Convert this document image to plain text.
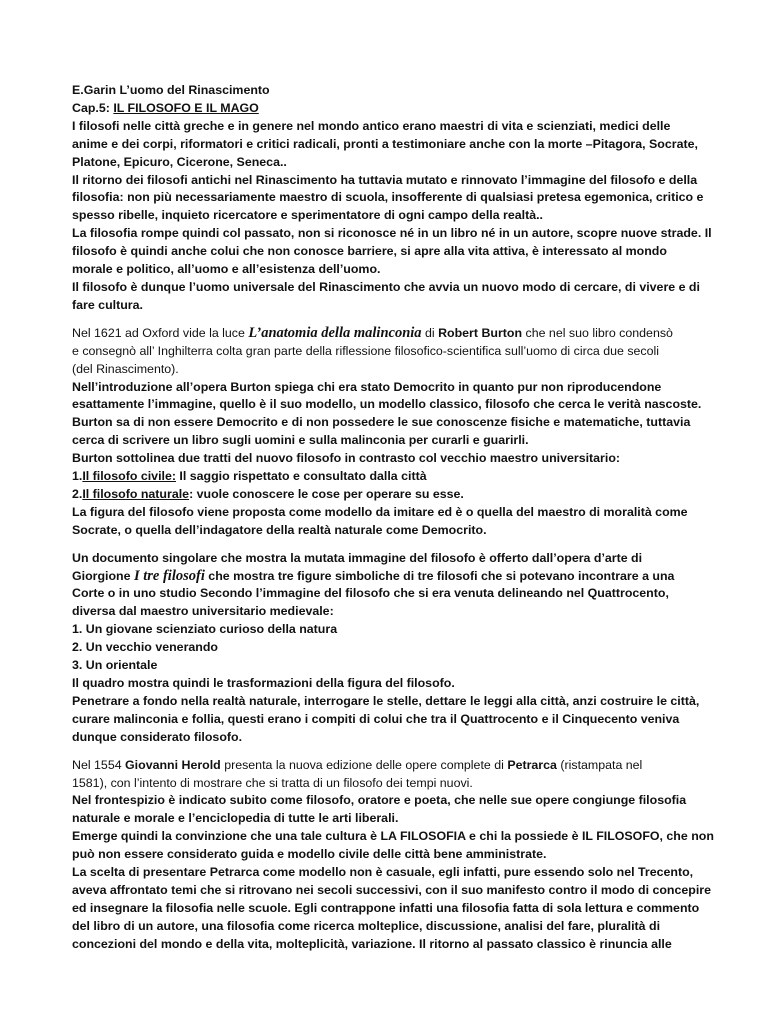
E.Garin L’uomo del Rinascimento
Cap.5: IL FILOSOFO E IL MAGO
I filosofi nelle città greche e in genere nel mondo antico erano maestri di vita e scienziati, medici delle
anime e dei corpi, riformatori e critici radicali, pronti a testimoniare anche con la morte –Pitagora, Socrate,
Platone, Epicuro, Cicerone, Seneca..
Il ritorno dei filosofi antichi nel Rinascimento ha tuttavia mutato e rinnovato l’immagine del filosofo e della
filosofia: non più necessariamente maestro di scuola, insofferente di qualsiasi pretesa egemonica, critico e
spesso ribelle, inquieto ricercatore e sperimentatore di ogni campo della realtà..
La filosofia rompe quindi col passato, non si riconosce né in un libro né in un autore, scopre nuove strade. Il
filosofo è quindi anche colui che non conosce barriere, si apre alla vita attiva, è interessato al mondo
morale e politico, all’uomo e all’esistenza dell’uomo.
Il filosofo è dunque l’uomo universale del Rinascimento che avvia un nuovo modo di cercare, di vivere e di
fare cultura.
Nel 1621 ad Oxford vide la luce L’anatomia della malinconia di Robert Burton che nel suo libro condensò
e consegnò all’ Inghilterra colta gran parte della riflessione filosofico-scientifica sull’uomo di circa due secoli
(del Rinascimento).
Nell’introduzione all’opera Burton spiega chi era stato Democrito in quanto pur non riproducendone
esattamente l’immagine, quello è il suo modello, un modello classico, filosofo che cerca le verità nascoste.
Burton sa di non essere Democrito e di non possedere le sue conoscenze fisiche e matematiche, tuttavia
cerca di scrivere un libro sugli uomini e sulla malinconia per curarli e guarirli.
Burton sottolinea due tratti del nuovo filosofo in contrasto col vecchio maestro universitario:
1.Il filosofo civile: Il saggio rispettato e consultato dalla città
2.Il filosofo naturale: vuole conoscere le cose per operare su esse.
La figura del filosofo viene proposta come modello da imitare ed è o quella del maestro di moralità come
Socrate, o quella dell’indagatore della realtà naturale come Democrito.
Un documento singolare che mostra la mutata immagine del filosofo è offerto dall’opera d’arte di
Giorgione I tre filosofi che mostra tre figure simboliche di tre filosofi che si potevano incontrare a una
Corte o in uno studio Secondo l’immagine del filosofo che si era venuta delineando nel Quattrocento,
diversa dal maestro universitario medievale:
1. Un giovane scienziato curioso della natura
2. Un vecchio venerando
3. Un orientale
Il quadro mostra quindi le trasformazioni della figura del filosofo.
Penetrare a fondo nella realtà naturale, interrogare le stelle, dettare le leggi alla città, anzi costruire le città,
curare malinconia e follia, questi erano i compiti di colui che tra il Quattrocento e il Cinquecento veniva
dunque considerato filosofo.
Nel 1554 Giovanni Herold presenta la nuova edizione delle opere complete di Petrarca (ristampata nel
1581), con l’intento di mostrare che si tratta di un filosofo dei tempi nuovi.
Nel frontespizio è indicato subito come filosofo, oratore e poeta, che nelle sue opere congiunge filosofia
naturale e morale e l’enciclopedia di tutte le arti liberali.
Emerge quindi la convinzione che una tale cultura è LA FILOSOFIA e chi la possiede è IL FILOSOFO, che non
può non essere considerato guida e modello civile delle città bene amministrate.
La scelta di presentare Petrarca come modello non è casuale, egli infatti, pure essendo solo nel Trecento,
aveva affrontato temi che si ritrovano nei secoli successivi, con il suo manifesto contro il modo di concepire
ed insegnare la filosofia nelle scuole. Egli contrappone infatti una filosofia fatta di sola lettura e commento
del libro di un autore, una filosofia come ricerca molteplice, discussione, analisi del fare, pluralità di
concezioni del mondo e della vita, molteplicità, variazione. Il ritorno al passato classico è rinuncia alle
